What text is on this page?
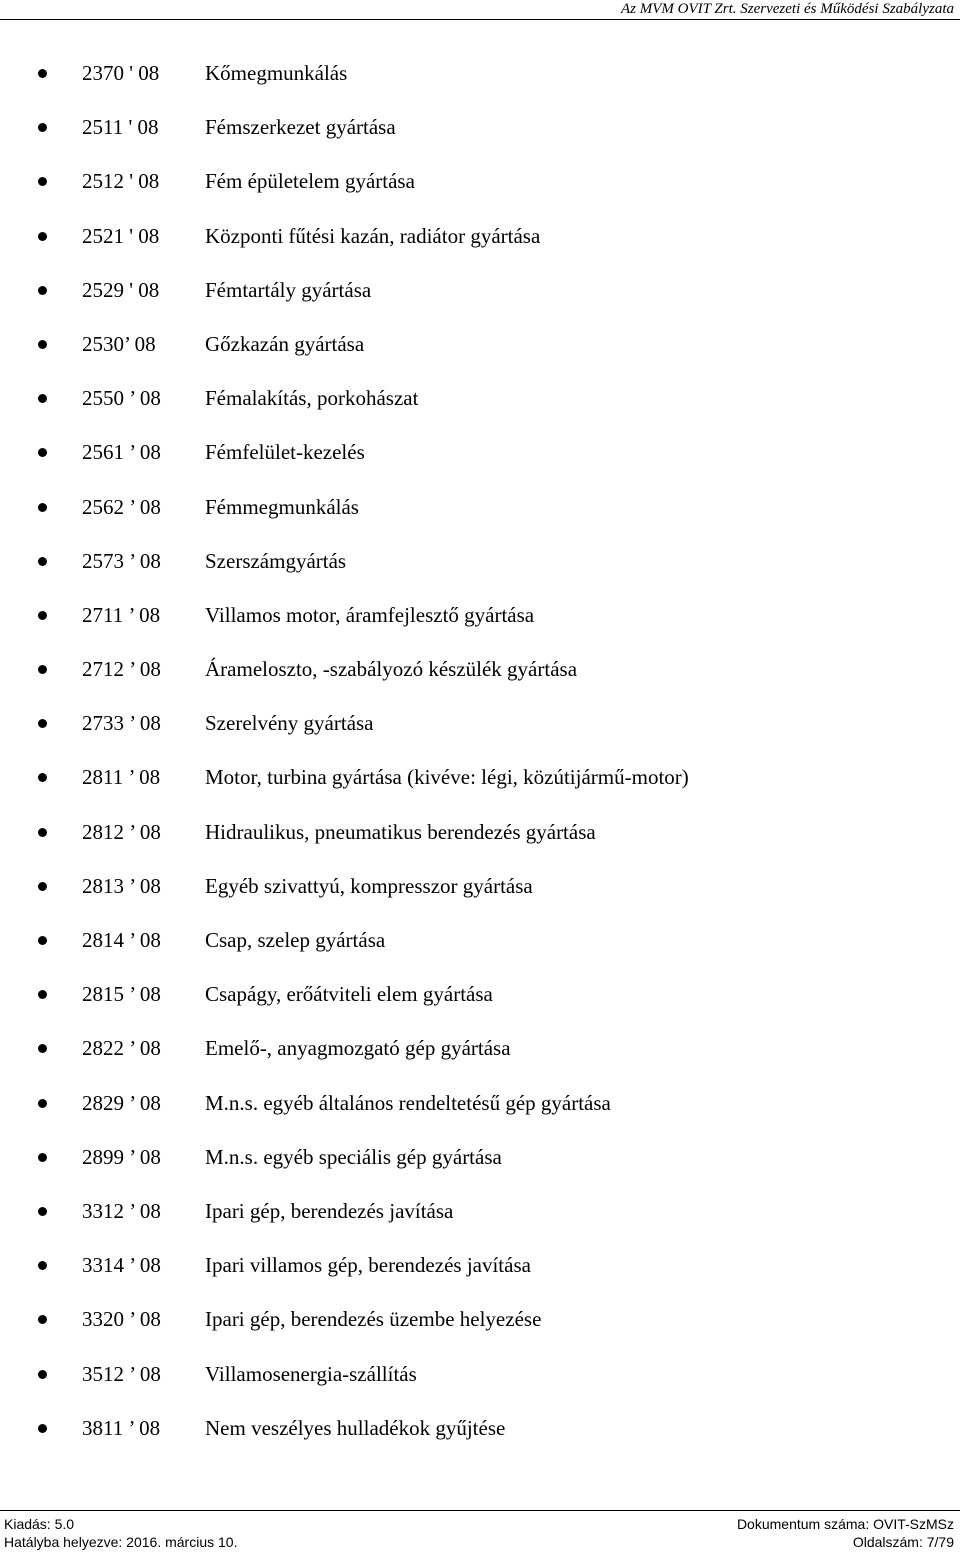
Az MVM OVIT Zrt. Szervezeti és Működési Szabályzata
2370 ' 08 Kőmegmunkálás
2511 ' 08 Fémszerkezet gyártása
2512 ' 08 Fém épületelem gyártása
2521 ' 08 Központi fűtési kazán, radiátor gyártása
2529 ' 08 Fémtartály gyártása
2530’ 08 Gőzkazán gyártása
2550 ’ 08 Fémalakítás, porkohászat
2561 ’ 08 Fémfelület-kezelés
2562 ’ 08 Fémmegmunkálás
2573 ’ 08 Szerszámgyártás
2711 ’ 08 Villamos motor, áramfejlesztő gyártása
2712 ’ 08 Árameloszto, -szabályozó készülék gyártása
2733 ’ 08 Szerelvény gyártása
2811 ’ 08 Motor, turbina gyártása (kivéve: légi, közútijármű-motor)
2812 ’ 08 Hidraulikus, pneumatikus berendezés gyártása
2813 ’ 08 Egyéb szivattyú, kompresszor gyártása
2814 ’ 08 Csap, szelep gyártása
2815 ’ 08 Csapágy, erőátviteli elem gyártása
2822 ’ 08 Emelő-, anyagmozgató gép gyártása
2829 ’ 08 M.n.s. egyéb általános rendeltetésű gép gyártása
2899 ’ 08 M.n.s. egyéb speciális gép gyártása
3312 ’ 08 Ipari gép, berendezés javítása
3314 ’ 08 Ipari villamos gép, berendezés javítása
3320 ’ 08 Ipari gép, berendezés üzembe helyezése
3512 ’ 08 Villamosenergia-szállítás
3811 ’ 08 Nem veszélyes hulladékok gyűjtése
Kiadás: 5.0
Hatályba helyezve: 2016. március 10.
Dokumentum száma: OVIT-SzMSz
Oldalszám: 7/79
